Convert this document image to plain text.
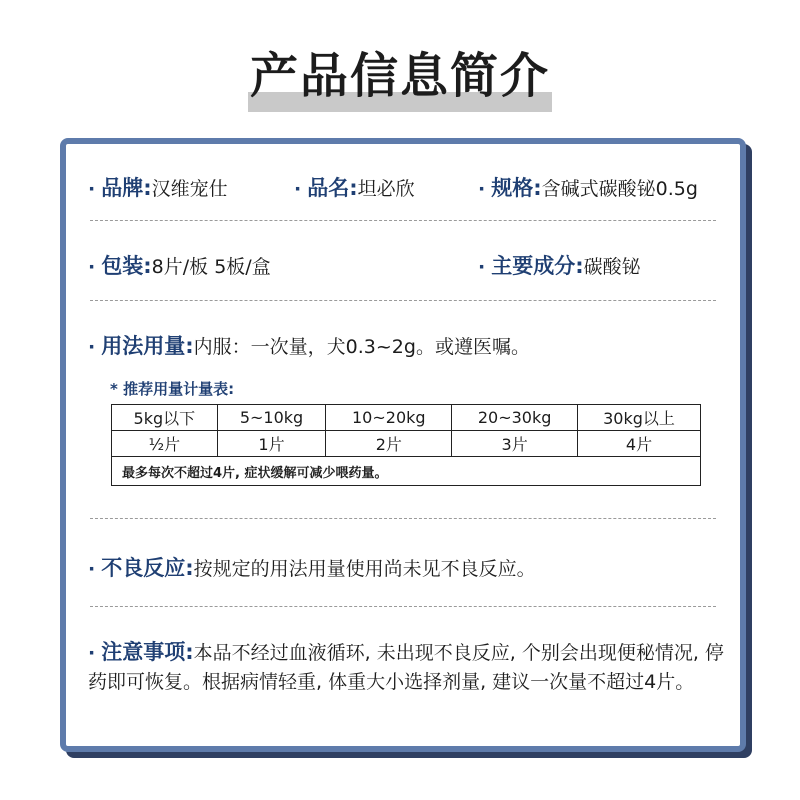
产品信息简介
· 品牌:汉维宠仕	· 品名:坦必欣	· 规格:含碱式碳酸铋0.5g
· 包装:8片/板 5板/盒	· 主要成分:碳酸铋
· 用法用量:内服：一次量，犬0.3~2g。或遵医嘱。
* 推荐用量计量表:
5kg以下	5~10kg	10~20kg	20~30kg	30kg以上
½片	1片	2片	3片	4片
最多每次不超过4片, 症状缓解可减少喂药量。				
· 不良反应:按规定的用法用量使用尚未见不良反应。
· 注意事项:本品不经过血液循环, 未出现不良反应, 个别会出现便秘情况, 停药即可恢复。根据病情轻重, 体重大小选择剂量, 建议一次量不超过4片。
